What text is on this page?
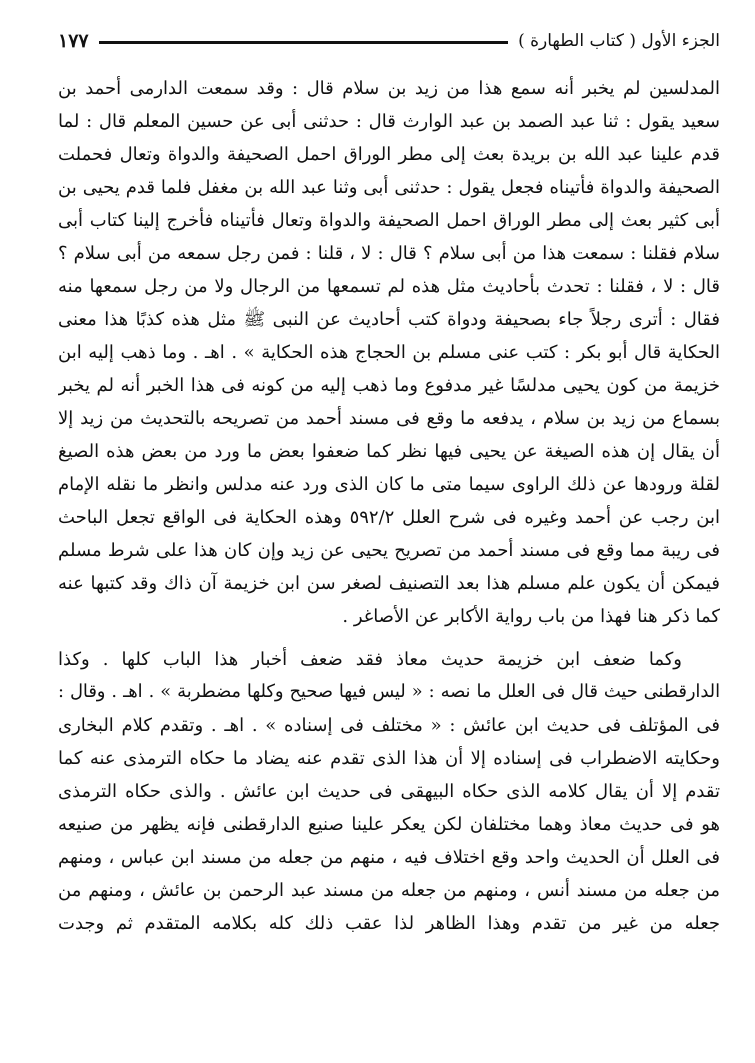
الجزء الأول ( كتاب الطهارة )
١٧٧

المدلسين لم يخبر أنه سمع هذا من زيد بن سلام قال : وقد سمعت الدارمى أحمد بن
سعيد يقول : ثنا عبد الصمد بن عبد الوارث قال : حدثنى أبى عن حسين المعلم قال : لما
قدم علينا عبد الله بن بريدة بعث إلى مطر الوراق احمل الصحيفة والدواة وتعال فحملت
الصحيفة والدواة فأتيناه فجعل يقول : حدثنى أبى وثنا عبد الله بن مغفل فلما قدم يحيى بن
أبى كثير بعث إلى مطر الوراق احمل الصحيفة والدواة وتعال فأتيناه فأخرج إلينا كتاب أبى
سلام فقلنا : سمعت هذا من أبى سلام ؟ قال : لا ، قلنا : فمن رجل سمعه من أبى سلام ؟
قال : لا ، فقلنا : تحدث بأحاديث مثل هذه لم تسمعها من الرجال ولا من رجل سمعها منه
فقال : أترى رجلاً جاء بصحيفة ودواة كتب أحاديث عن النبى ﷺ مثل هذه كذبًا هذا معنى
الحكاية قال أبو بكر : كتب عنى مسلم بن الحجاج هذه الحكاية » . اهـ . وما ذهب إليه ابن
خزيمة من كون يحيى مدلسًا غير مدفوع وما ذهب إليه من كونه فى هذا الخبر أنه لم يخبر
بسماع من زيد بن سلام ، يدفعه ما وقع فى مسند أحمد من تصريحه بالتحديث من زيد إلا
أن يقال إن هذه الصيغة عن يحيى فيها نظر كما ضعفوا بعض ما ورد من بعض هذه الصيغ
لقلة ورودها عن ذلك الراوى سيما متى ما كان الذى ورد عنه مدلس وانظر ما نقله الإمام
ابن رجب عن أحمد وغيره فى شرح العلل ٥٩٢/٢ وهذه الحكاية فى الواقع تجعل الباحث
فى ريبة مما وقع فى مسند أحمد من تصريح يحيى عن زيد وإن كان هذا على شرط مسلم
فيمكن أن يكون علم مسلم هذا بعد التصنيف لصغر سن ابن خزيمة آن ذاك وقد كتبها عنه
كما ذكر هنا فهذا من باب رواية الأكابر عن الأصاغر .

وكما ضعف ابن خزيمة حديث معاذ فقد ضعف أخبار هذا الباب كلها . وكذا
الدارقطنى حيث قال فى العلل ما نصه : « ليس فيها صحيح وكلها مضطربة » . اهـ . وقال :
فى المؤتلف فى حديث ابن عائش : « مختلف فى إسناده » . اهـ . وتقدم كلام البخارى
وحكايته الاضطراب فى إسناده إلا أن هذا الذى تقدم عنه يضاد ما حكاه الترمذى عنه كما
تقدم إلا أن يقال كلامه الذى حكاه البيهقى فى حديث ابن عائش . والذى حكاه الترمذى
هو فى حديث معاذ وهما مختلفان لكن يعكر علينا صنيع الدارقطنى فإنه يظهر من صنيعه
فى العلل أن الحديث واحد وقع اختلاف فيه ، منهم من جعله من مسند ابن عباس ، ومنهم
من جعله من مسند أنس ، ومنهم من جعله من مسند عبد الرحمن بن عائش ، ومنهم من
جعله من غير من تقدم وهذا الظاهر لذا عقب ذلك كله بكلامه المتقدم ثم وجدت
